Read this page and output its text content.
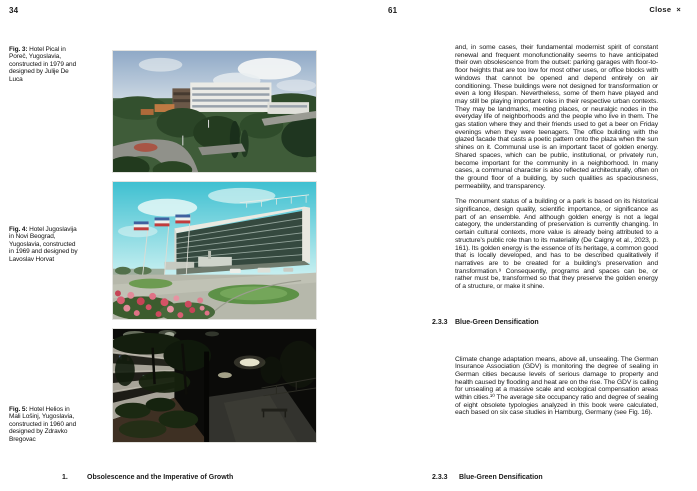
34	61	Close ×
Fig. 3: Hotel Pical in Poreč, Yugoslavia, constructed in 1979 and designed by Julije De Luca
Fig. 4: Hotel Jugoslavija in Novi Beograd, Yugoslavia, constructed in 1969 and designed by Lavoslav Horvat
Fig. 5: Hotel Helios in Mali Lošinj, Yugoslavia, constructed in 1960 and designed by Zdravko Bregovac
1.	Obsolescence and the Imperative of Growth

and, in some cases, their fundamental modernist spirit of constant renewal and frequent monofunctionality seems to have anticipated their own obsolescence from the outset: parking garages with floor-to-floor heights that are too low for most other uses, or office blocks with windows that cannot be opened and depend entirely on air conditioning. These buildings were not designed for transformation or even a long lifespan. Nevertheless, some of them have played and may still be playing important roles in their respective urban contexts. They may be landmarks, meeting places, or neuralgic nodes in the everyday life of neighborhoods and the people who live in them. The gas station where they and their friends used to get a beer on Friday evenings when they were teenagers. The office building with the glazed facade that casts a poetic pattern onto the plaza when the sun shines on it. Communal use is an important facet of golden energy. Shared spaces, which can be public, institutional, or privately run, become important for the community in a neighborhood. In many cases, a communal character is also reflected architecturally, often on the ground floor of a building, by such qualities as spaciousness, permeability, and transparency.

The monument status of a building or a park is based on its historical significance, design quality, scientific importance, or significance as part of an ensemble. And although golden energy is not a legal category, the understanding of preservation is currently changing. In certain cultural contexts, more value is already being attributed to a structure’s public role than to its materiality (De Caigny et al., 2023, p. 161). Its golden energy is the essence of its heritage, a common good that is locally developed, and has to be described qualitatively if narratives are to be created for a building’s preservation and transformation.⁹ Consequently, programs and spaces can be, or rather must be, transformed so that they preserve the golden energy of a structure, or make it shine.

2.3.3	Blue-Green Densification

Climate change adaptation means, above all, unsealing. The German Insurance Association (GDV) is monitoring the degree of sealing in German cities because levels of serious damage to property and health caused by flooding and heat are on the rise. The GDV is calling for unsealing at a massive scale and ecological compensation areas within cities.¹⁰ The average site occupancy ratio and degree of sealing of eight obsolete typologies analyzed in this book were calculated, each based on six case studies in Hamburg, Germany (see Fig. 16).

2.3.3	Blue-Green Densification
